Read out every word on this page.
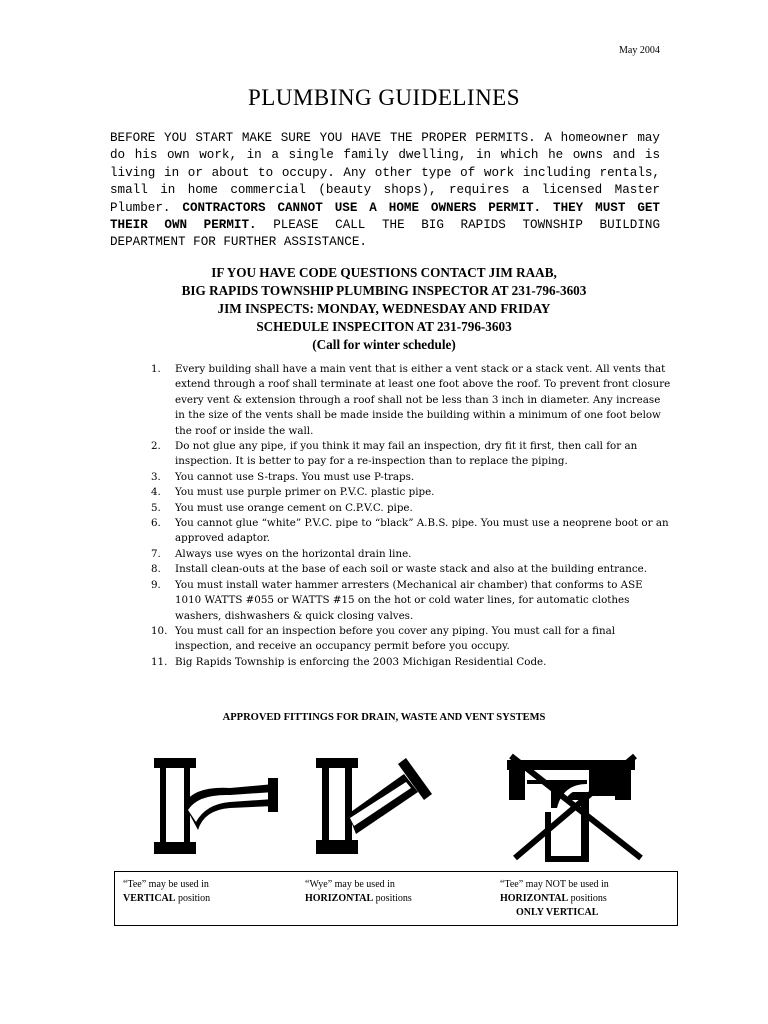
May 2004
PLUMBING GUIDELINES
BEFORE YOU START MAKE SURE YOU HAVE THE PROPER PERMITS. A homeowner may do his own work, in a single family dwelling, in which he owns and is living in or about to occupy. Any other type of work including rentals, small in home commercial (beauty shops), requires a licensed Master Plumber. CONTRACTORS CANNOT USE A HOME OWNERS PERMIT. THEY MUST GET THEIR OWN PERMIT. PLEASE CALL THE BIG RAPIDS TOWNSHIP BUILDING DEPARTMENT FOR FURTHER ASSISTANCE.
IF YOU HAVE CODE QUESTIONS CONTACT JIM RAAB,
BIG RAPIDS TOWNSHIP PLUMBING INSPECTOR AT 231-796-3603
JIM INSPECTS: MONDAY, WEDNESDAY AND FRIDAY
SCHEDULE INSPECITON AT 231-796-3603
(Call for winter schedule)
1. Every building shall have a main vent that is either a vent stack or a stack vent. All vents that extend through a roof shall terminate at least one foot above the roof. To prevent front closure every vent & extension through a roof shall not be less than 3 inch in diameter. Any increase in the size of the vents shall be made inside the building within a minimum of one foot below the roof or inside the wall.
2. Do not glue any pipe, if you think it may fail an inspection, dry fit it first, then call for an inspection. It is better to pay for a re-inspection than to replace the piping.
3. You cannot use S-traps. You must use P-traps.
4. You must use purple primer on P.V.C. plastic pipe.
5. You must use orange cement on C.P.V.C. pipe.
6. You cannot glue “white” P.V.C. pipe to “black” A.B.S. pipe. You must use a neoprene boot or an approved adaptor.
7. Always use wyes on the horizontal drain line.
8. Install clean-outs at the base of each soil or waste stack and also at the building entrance.
9. You must install water hammer arresters (Mechanical air chamber) that conforms to ASE 1010 WATTS #055 or WATTS #15 on the hot or cold water lines, for automatic clothes washers, dishwashers & quick closing valves.
10. You must call for an inspection before you cover any piping. You must call for a final inspection, and receive an occupancy permit before you occupy.
11. Big Rapids Township is enforcing the 2003 Michigan Residential Code.
APPROVED FITTINGS FOR DRAIN, WASTE AND VENT SYSTEMS
“Tee” may be used in
VERTICAL position
“Wye” may be used in
HORIZONTAL positions
“Tee” may NOT be used in
HORIZONTAL positions
ONLY VERTICAL
